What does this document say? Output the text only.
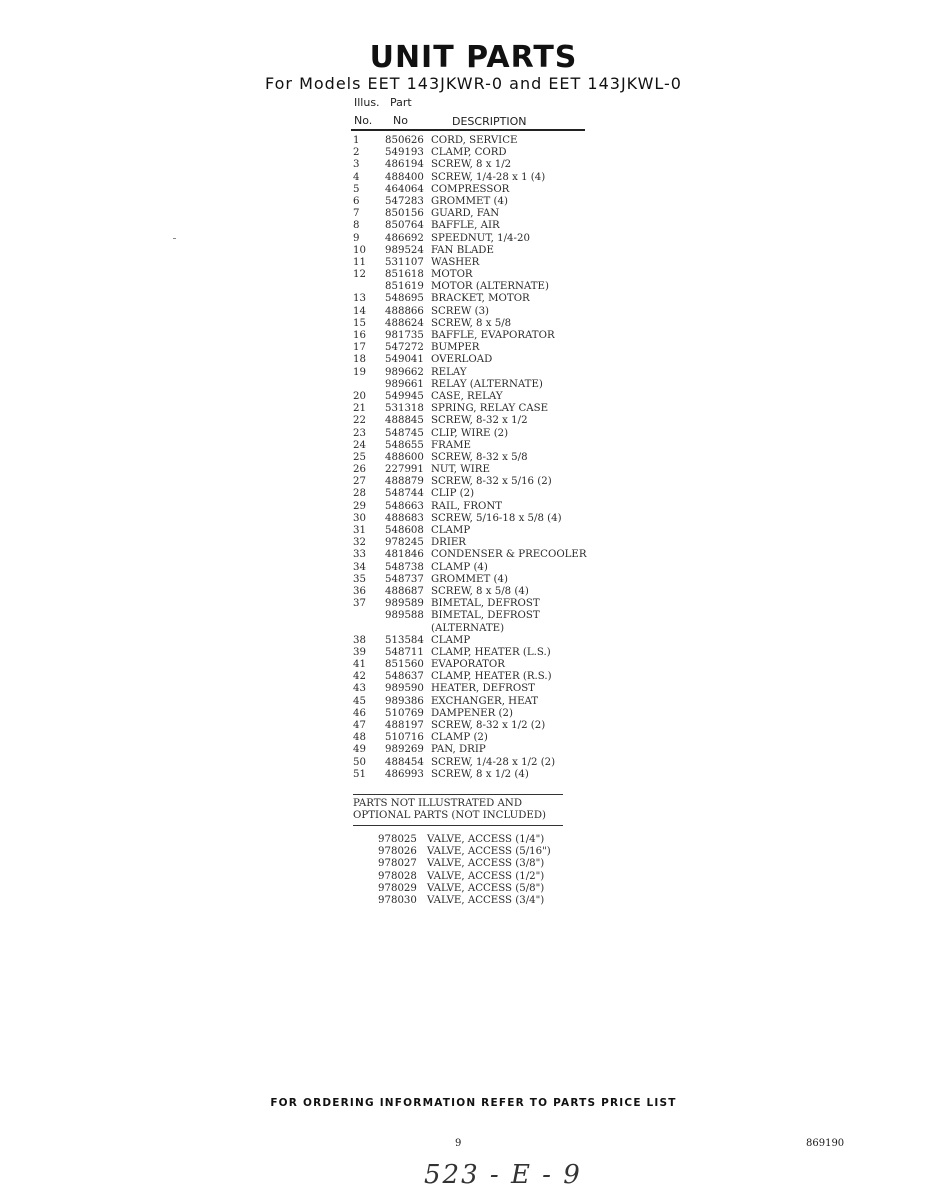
UNIT PARTS
For Models EET 143JKWR-0 and EET 143JKWL-0
Illus. Part
No. No	DESCRIPTION
1	850626 CORD, SERVICE
2	549193 CLAMP, CORD
3	486194 SCREW, 8 x 1/2
4	488400 SCREW, 1/4-28 x 1 (4)
5	464064 COMPRESSOR
6	547283 GROMMET (4)
7	850156 GUARD, FAN
8	850764 BAFFLE, AIR
9	486692 SPEEDNUT, 1/4-20
10	989524 FAN BLADE
11	531107 WASHER
12	851618 MOTOR
851619 MOTOR (ALTERNATE)
13	548695 BRACKET, MOTOR
14	488866 SCREW (3)
15	488624 SCREW, 8 x 5/8
16	981735 BAFFLE, EVAPORATOR
17	547272 BUMPER
18	549041 OVERLOAD
19	989662 RELAY
989661 RELAY (ALTERNATE)
20	549945 CASE, RELAY
21	531318 SPRING, RELAY CASE
22	488845 SCREW, 8-32 x 1/2
23	548745 CLIP, WIRE (2)
24	548655 FRAME
25	488600 SCREW, 8-32 x 5/8
26	227991 NUT, WIRE
27	488879 SCREW, 8-32 x 5/16 (2)
28	548744 CLIP (2)
29	548663 RAIL, FRONT
30	488683 SCREW, 5/16-18 x 5/8 (4)
31	548608 CLAMP
32	978245 DRIER
33	481846 CONDENSER & PRECOOLER
34	548738 CLAMP (4)
35	548737 GROMMET (4)
36	488687 SCREW, 8 x 5/8 (4)
37	989589 BIMETAL, DEFROST
989588 BIMETAL, DEFROST
(ALTERNATE)
38	513584 CLAMP
39	548711 CLAMP, HEATER (L.S.)
41	851560 EVAPORATOR
42	548637 CLAMP, HEATER (R.S.)
43	989590 HEATER, DEFROST
45	989386 EXCHANGER, HEAT
46	510769 DAMPENER (2)
47	488197 SCREW, 8-32 x 1/2 (2)
48	510716 CLAMP (2)
49	989269 PAN, DRIP
50	488454 SCREW, 1/4-28 x 1/2 (2)
51	486993 SCREW, 8 x 1/2 (4)
PARTS NOT ILLUSTRATED AND
OPTIONAL PARTS (NOT INCLUDED)
978025 VALVE, ACCESS (1/4")
978026 VALVE, ACCESS (5/16")
978027 VALVE, ACCESS (3/8")
978028 VALVE, ACCESS (1/2")
978029 VALVE, ACCESS (5/8")
978030 VALVE, ACCESS (3/4")
FOR ORDERING INFORMATION REFER TO PARTS PRICE LIST
9	869190
523 - E - 9
